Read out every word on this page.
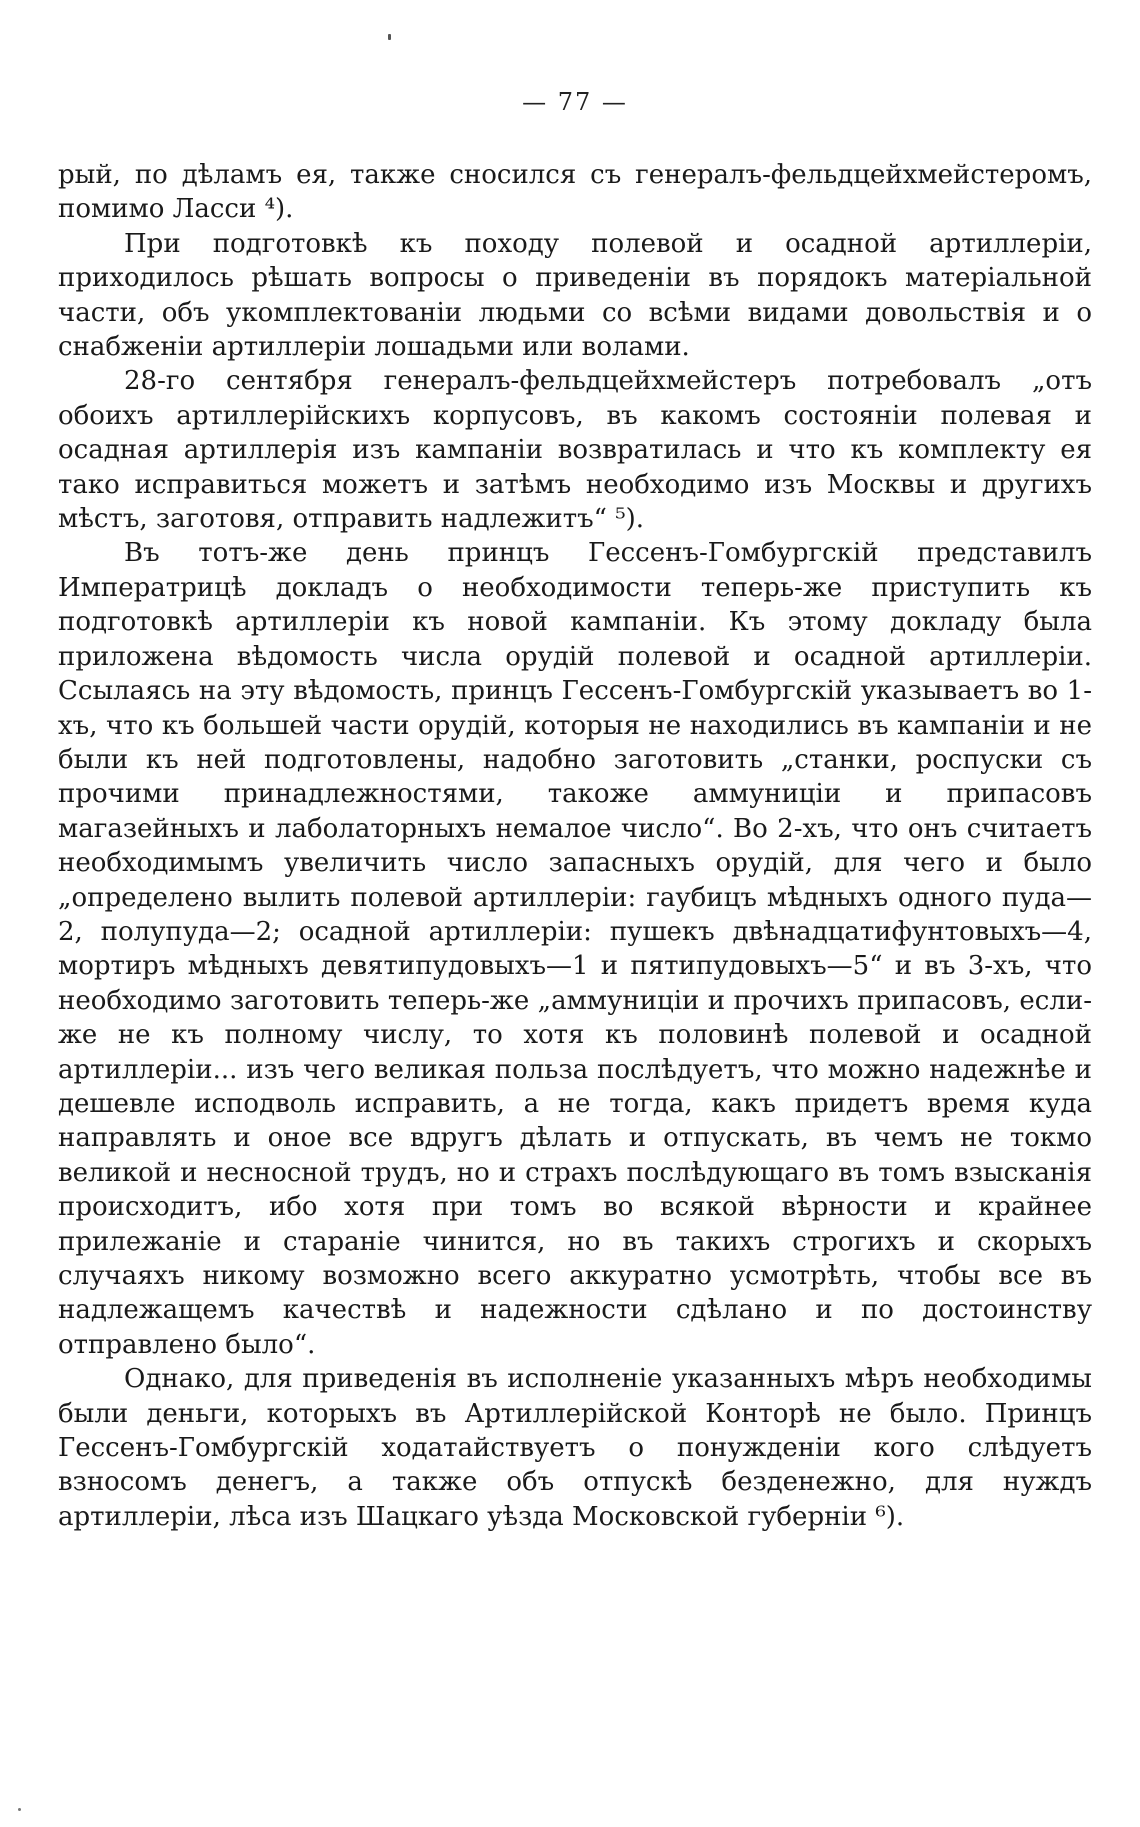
— 77 —

рый, по дѣламъ ея, также сносился съ генералъ-фельдцейхмейстеромъ, помимо Ласси ⁴).

При подготовкѣ къ походу полевой и осадной артиллеріи, приходилось рѣшать вопросы о приведеніи въ порядокъ матеріальной части, объ укомплектованіи людьми со всѣми видами довольствія и о снабженіи артиллеріи лошадьми или волами.

28-го сентября генералъ-фельдцейхмейстеръ потребовалъ „отъ обоихъ артиллерійскихъ корпусовъ, въ какомъ состояніи полевая и осадная артиллерія изъ кампаніи возвратилась и что къ комплекту ея тако исправиться можетъ и затѣмъ необходимо изъ Москвы и другихъ мѣстъ, заготовя, отправить надлежитъ“ ⁵).

Въ тотъ-же день принцъ Гессенъ-Гомбургскій представилъ Императрицѣ докладъ о необходимости теперь-же приступить къ подготовкѣ артиллеріи къ новой кампаніи. Къ этому докладу была приложена вѣдомость числа орудій полевой и осадной артиллеріи. Ссылаясь на эту вѣдомость, принцъ Гессенъ-Гомбургскій указываетъ во 1-хъ, что къ большей части орудій, которыя не находились въ кампаніи и не были къ ней подготовлены, надобно заготовить „станки, роспуски съ прочими принадлежностями, такоже аммуниціи и припасовъ магазейныхъ и лаболаторныхъ немалое число“. Во 2-хъ, что онъ считаетъ необходимымъ увеличить число запасныхъ орудій, для чего и было „определено вылить полевой артиллеріи: гаубицъ мѣдныхъ одного пуда—2, полупуда—2; осадной артиллеріи: пушекъ двѣнадцатифунтовыхъ—4, мортиръ мѣдныхъ девятипудовыхъ—1 и пятипудовыхъ—5“ и въ 3-хъ, что необходимо заготовить теперь-же „аммуниціи и прочихъ припасовъ, если-же не къ полному числу, то хотя къ половинѣ полевой и осадной артиллеріи... изъ чего великая польза послѣдуетъ, что можно надежнѣе и дешевле исподволь исправить, а не тогда, какъ придетъ время куда направлять и оное все вдругъ дѣлать и отпускать, въ чемъ не токмо великой и несносной трудъ, но и страхъ послѣдующаго въ томъ взысканія происходитъ, ибо хотя при томъ во всякой вѣрности и крайнее прилежаніе и стараніе чинится, но въ такихъ строгихъ и скорыхъ случаяхъ никому возможно всего аккуратно усмотрѣть, чтобы все въ надлежащемъ качествѣ и надежности сдѣлано и по достоинству отправлено было“.

Однако, для приведенія въ исполненіе указанныхъ мѣръ необходимы были деньги, которыхъ въ Артиллерійской Конторѣ не было. Принцъ Гессенъ-Гомбургскій ходатайствуетъ о понужденіи кого слѣдуетъ взносомъ денегъ, а также объ отпускѣ безденежно, для нуждъ артиллеріи, лѣса изъ Шацкаго уѣзда Московской губерніи ⁶).
